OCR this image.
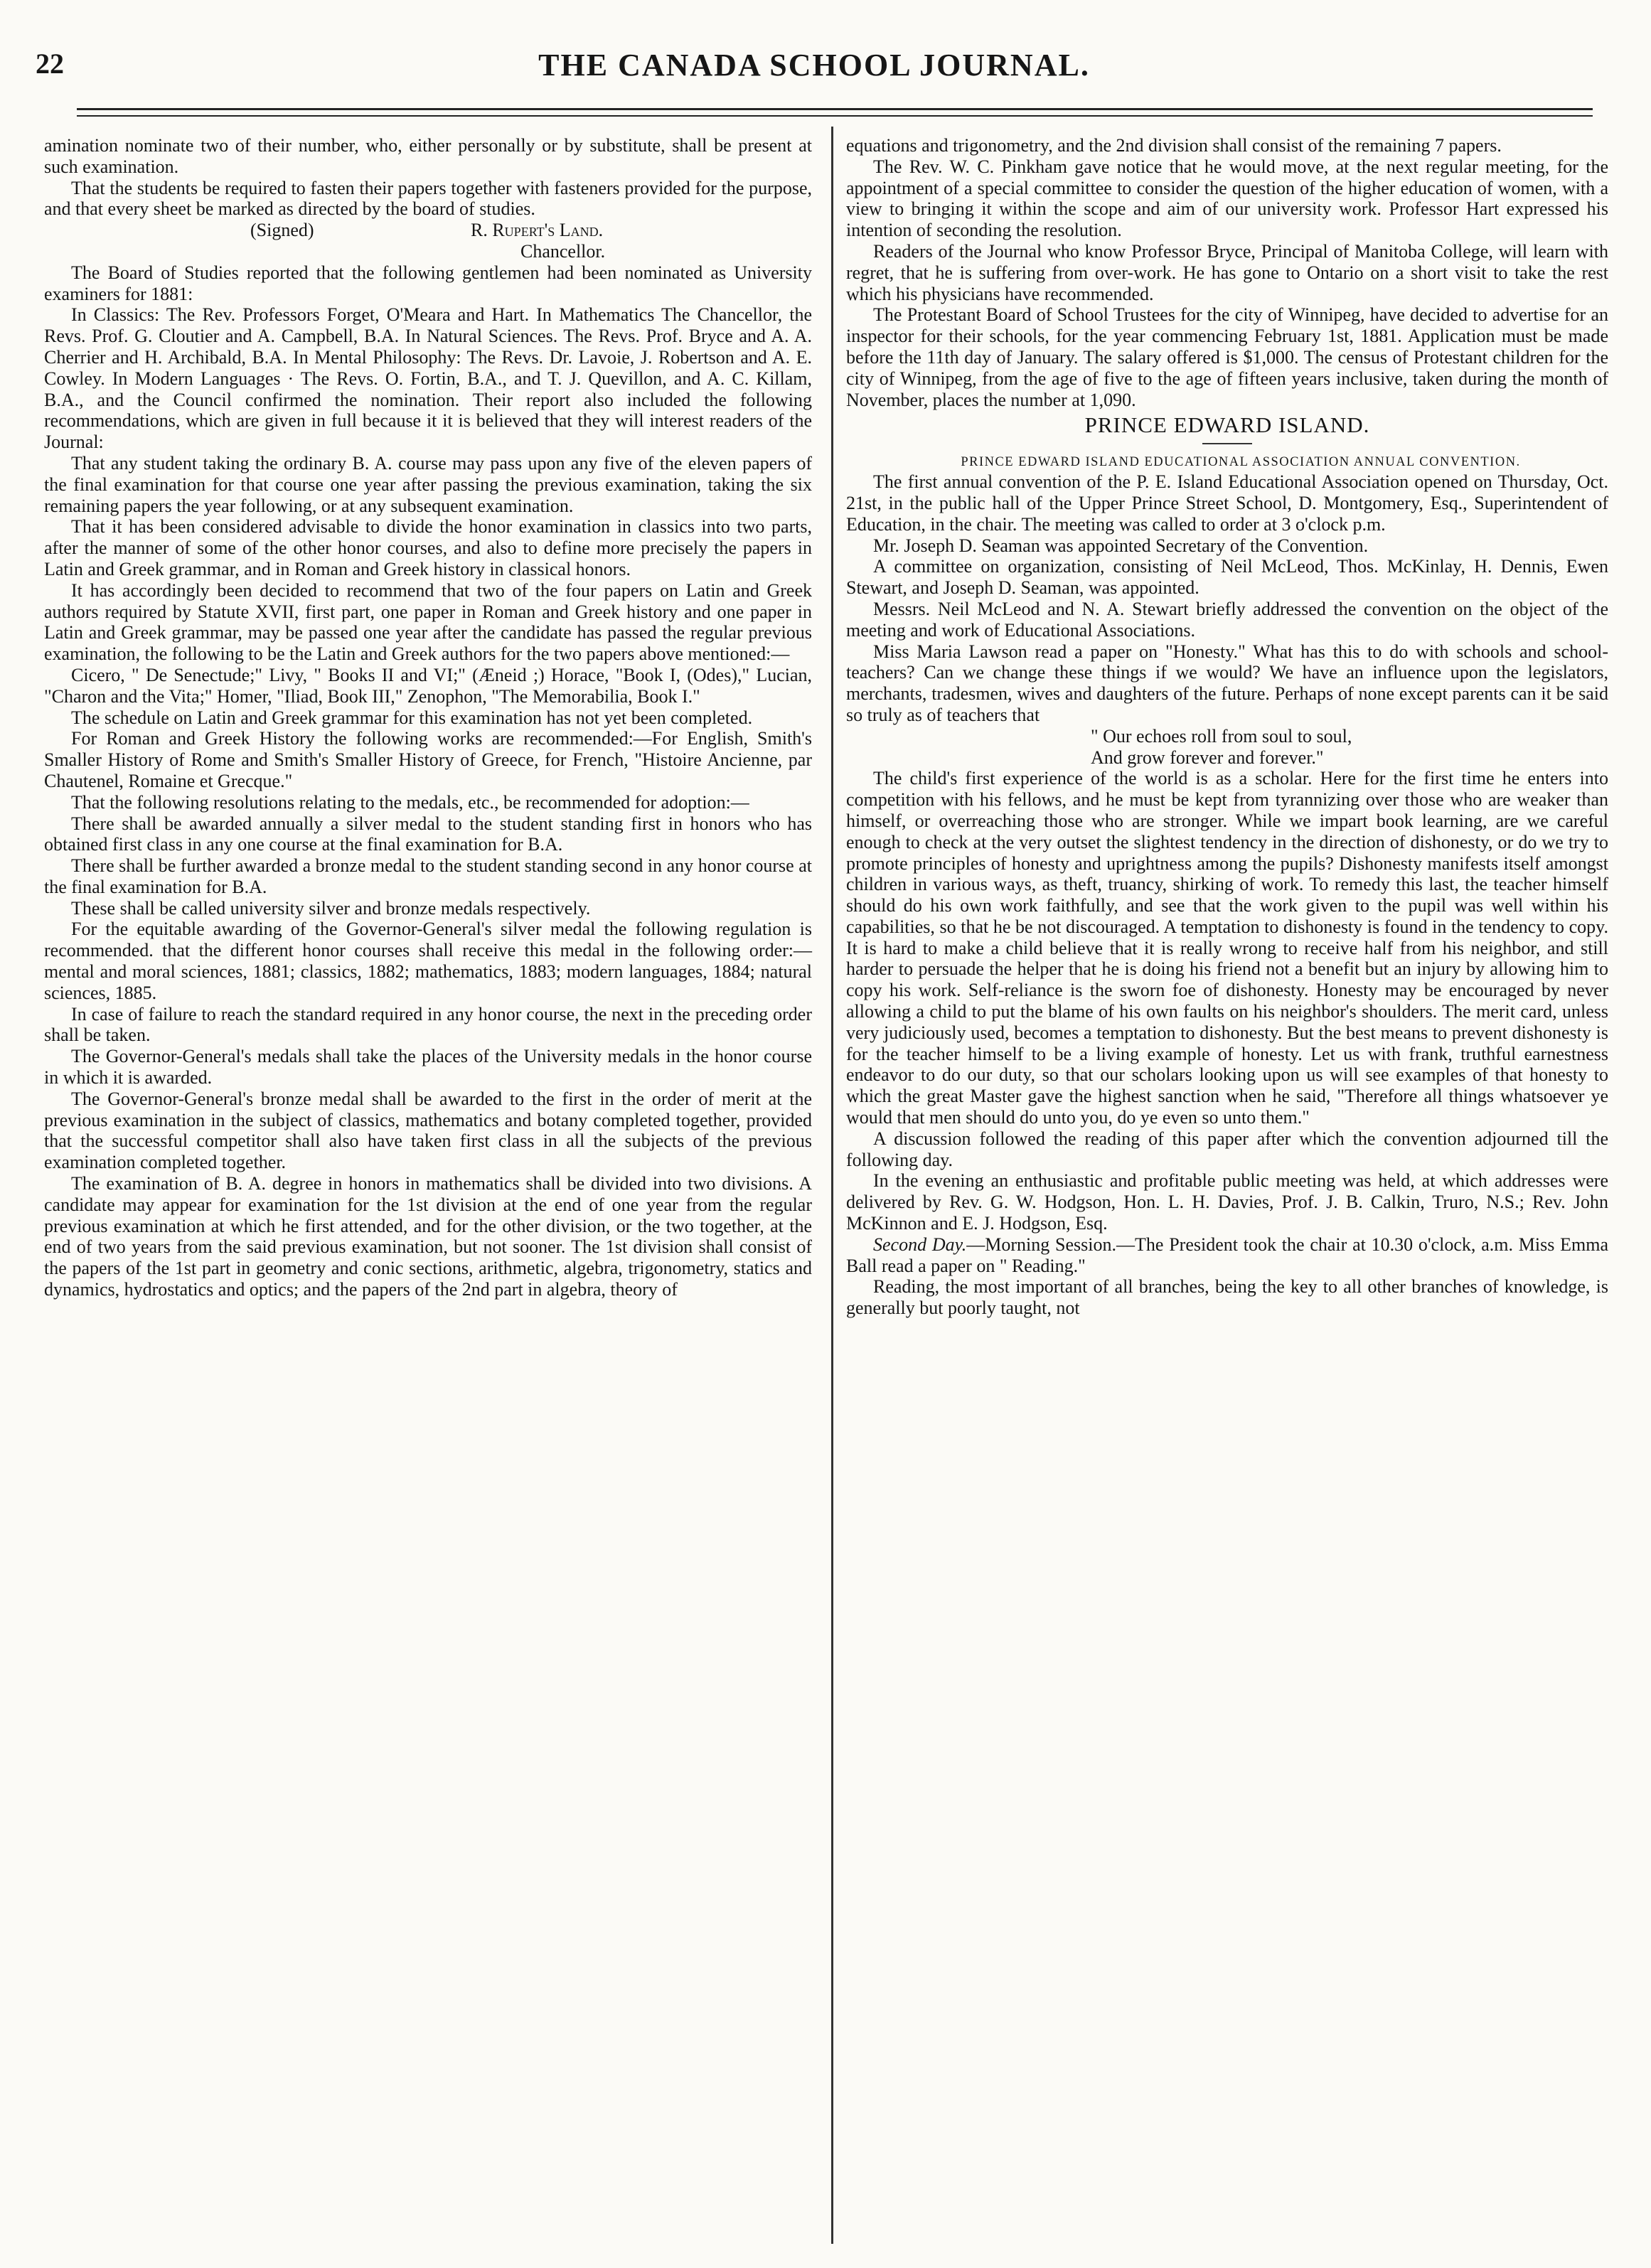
22	THE CANADA SCHOOL JOURNAL.

amination nominate two of their number, who, either personally or by substitute, shall be present at such examination.

That the students be required to fasten their papers together with fasteners provided for the purpose, and that every sheet be marked as directed by the board of studies.

(Signed)	R. Rupert's Land.
Chancellor.

The Board of Studies reported that the following gentlemen had been nominated as University examiners for 1881:

In Classics: The Rev. Professors Forget, O'Meara and Hart. In Mathematics The Chancellor, the Revs. Prof. G. Cloutier and A. Campbell, B.A. In Natural Sciences. The Revs. Prof. Bryce and A. A. Cherrier and H. Archibald, B.A. In Mental Philosophy: The Revs. Dr. Lavoie, J. Robertson and A. E. Cowley. In Modern Languages · The Revs. O. Fortin, B.A., and T. J. Quevillon, and A. C. Killam, B.A., and the Council confirmed the nomination. Their report also included the following recommendations, which are given in full because it it is believed that they will interest readers of the Journal:

That any student taking the ordinary B. A. course may pass upon any five of the eleven papers of the final examination for that course one year after passing the previous examination, taking the six remaining papers the year following, or at any subsequent examination.

That it has been considered advisable to divide the honor examination in classics into two parts, after the manner of some of the other honor courses, and also to define more precisely the papers in Latin and Greek grammar, and in Roman and Greek history in classical honors.

It has accordingly been decided to recommend that two of the four papers on Latin and Greek authors required by Statute XVII, first part, one paper in Roman and Greek history and one paper in Latin and Greek grammar, may be passed one year after the candidate has passed the regular previous examination, the following to be the Latin and Greek authors for the two papers above mentioned:—

Cicero, " De Senectude;" Livy, " Books II and VI;" (Æneid ;) Horace, "Book I, (Odes)," Lucian, "Charon and the Vita;" Homer, "Iliad, Book III," Zenophon, "The Memorabilia, Book I."

The schedule on Latin and Greek grammar for this examination has not yet been completed.

For Roman and Greek History the following works are recommended:—For English, Smith's Smaller History of Rome and Smith's Smaller History of Greece, for French, "Histoire Ancienne, par Chautenel, Romaine et Grecque."

That the following resolutions relating to the medals, etc., be recommended for adoption:—

There shall be awarded annually a silver medal to the student standing first in honors who has obtained first class in any one course at the final examination for B.A.

There shall be further awarded a bronze medal to the student standing second in any honor course at the final examination for B.A.

These shall be called university silver and bronze medals respectively.

For the equitable awarding of the Governor-General's silver medal the following regulation is recommended. that the different honor courses shall receive this medal in the following order:— mental and moral sciences, 1881; classics, 1882; mathematics, 1883; modern languages, 1884; natural sciences, 1885.

In case of failure to reach the standard required in any honor course, the next in the preceding order shall be taken.

The Governor-General's medals shall take the places of the University medals in the honor course in which it is awarded.

The Governor-General's bronze medal shall be awarded to the first in the order of merit at the previous examination in the subject of classics, mathematics and botany completed together, provided that the successful competitor shall also have taken first class in all the subjects of the previous examination completed together.

The examination of B. A. degree in honors in mathematics shall be divided into two divisions. A candidate may appear for examination for the 1st division at the end of one year from the regular previous examination at which he first attended, and for the other division, or the two together, at the end of two years from the said previous examination, but not sooner. The 1st division shall consist of the papers of the 1st part in geometry and conic sections, arithmetic, algebra, trigonometry, statics and dynamics, hydrostatics and optics; and the papers of the 2nd part in algebra, theory of

equations and trigonometry, and the 2nd division shall consist of the remaining 7 papers.

The Rev. W. C. Pinkham gave notice that he would move, at the next regular meeting, for the appointment of a special committee to consider the question of the higher education of women, with a view to bringing it within the scope and aim of our university work. Professor Hart expressed his intention of seconding the resolution.

Readers of the Journal who know Professor Bryce, Principal of Manitoba College, will learn with regret, that he is suffering from over-work. He has gone to Ontario on a short visit to take the rest which his physicians have recommended.

The Protestant Board of School Trustees for the city of Winnipeg, have decided to advertise for an inspector for their schools, for the year commencing February 1st, 1881. Application must be made before the 11th day of January. The salary offered is $1,000. The census of Protestant children for the city of Winnipeg, from the age of five to the age of fifteen years inclusive, taken during the month of November, places the number at 1,090.

PRINCE EDWARD ISLAND.

PRINCE EDWARD ISLAND EDUCATIONAL ASSOCIATION ANNUAL CONVENTION.

The first annual convention of the P. E. Island Educational Association opened on Thursday, Oct. 21st, in the public hall of the Upper Prince Street School, D. Montgomery, Esq., Superintendent of Education, in the chair. The meeting was called to order at 3 o'clock p.m.

Mr. Joseph D. Seaman was appointed Secretary of the Convention.

A committee on organization, consisting of Neil McLeod, Thos. McKinlay, H. Dennis, Ewen Stewart, and Joseph D. Seaman, was appointed.

Messrs. Neil McLeod and N. A. Stewart briefly addressed the convention on the object of the meeting and work of Educational Associations.

Miss Maria Lawson read a paper on "Honesty." What has this to do with schools and school-teachers? Can we change these things if we would? We have an influence upon the legislators, merchants, tradesmen, wives and daughters of the future. Perhaps of none except parents can it be said so truly as of teachers that

" Our echoes roll from soul to soul,

And grow forever and forever."

The child's first experience of the world is as a scholar. Here for the first time he enters into competition with his fellows, and he must be kept from tyrannizing over those who are weaker than himself, or overreaching those who are stronger. While we impart book learning, are we careful enough to check at the very outset the slightest tendency in the direction of dishonesty, or do we try to promote principles of honesty and uprightness among the pupils? Dishonesty manifests itself amongst children in various ways, as theft, truancy, shirking of work. To remedy this last, the teacher himself should do his own work faithfully, and see that the work given to the pupil was well within his capabilities, so that he be not discouraged. A temptation to dishonesty is found in the tendency to copy. It is hard to make a child believe that it is really wrong to receive half from his neighbor, and still harder to persuade the helper that he is doing his friend not a benefit but an injury by allowing him to copy his work. Self-reliance is the sworn foe of dishonesty. Honesty may be encouraged by never allowing a child to put the blame of his own faults on his neighbor's shoulders. The merit card, unless very judiciously used, becomes a temptation to dishonesty. But the best means to prevent dishonesty is for the teacher himself to be a living example of honesty. Let us with frank, truthful earnestness endeavor to do our duty, so that our scholars looking upon us will see examples of that honesty to which the great Master gave the highest sanction when he said, "Therefore all things whatsoever ye would that men should do unto you, do ye even so unto them."

A discussion followed the reading of this paper after which the convention adjourned till the following day.

In the evening an enthusiastic and profitable public meeting was held, at which addresses were delivered by Rev. G. W. Hodgson, Hon. L. H. Davies, Prof. J. B. Calkin, Truro, N.S.; Rev. John McKinnon and E. J. Hodgson, Esq.

Second Day.—Morning Session.—The President took the chair at 10.30 o'clock, a.m. Miss Emma Ball read a paper on " Reading."

Reading, the most important of all branches, being the key to all other branches of knowledge, is generally but poorly taught, not
